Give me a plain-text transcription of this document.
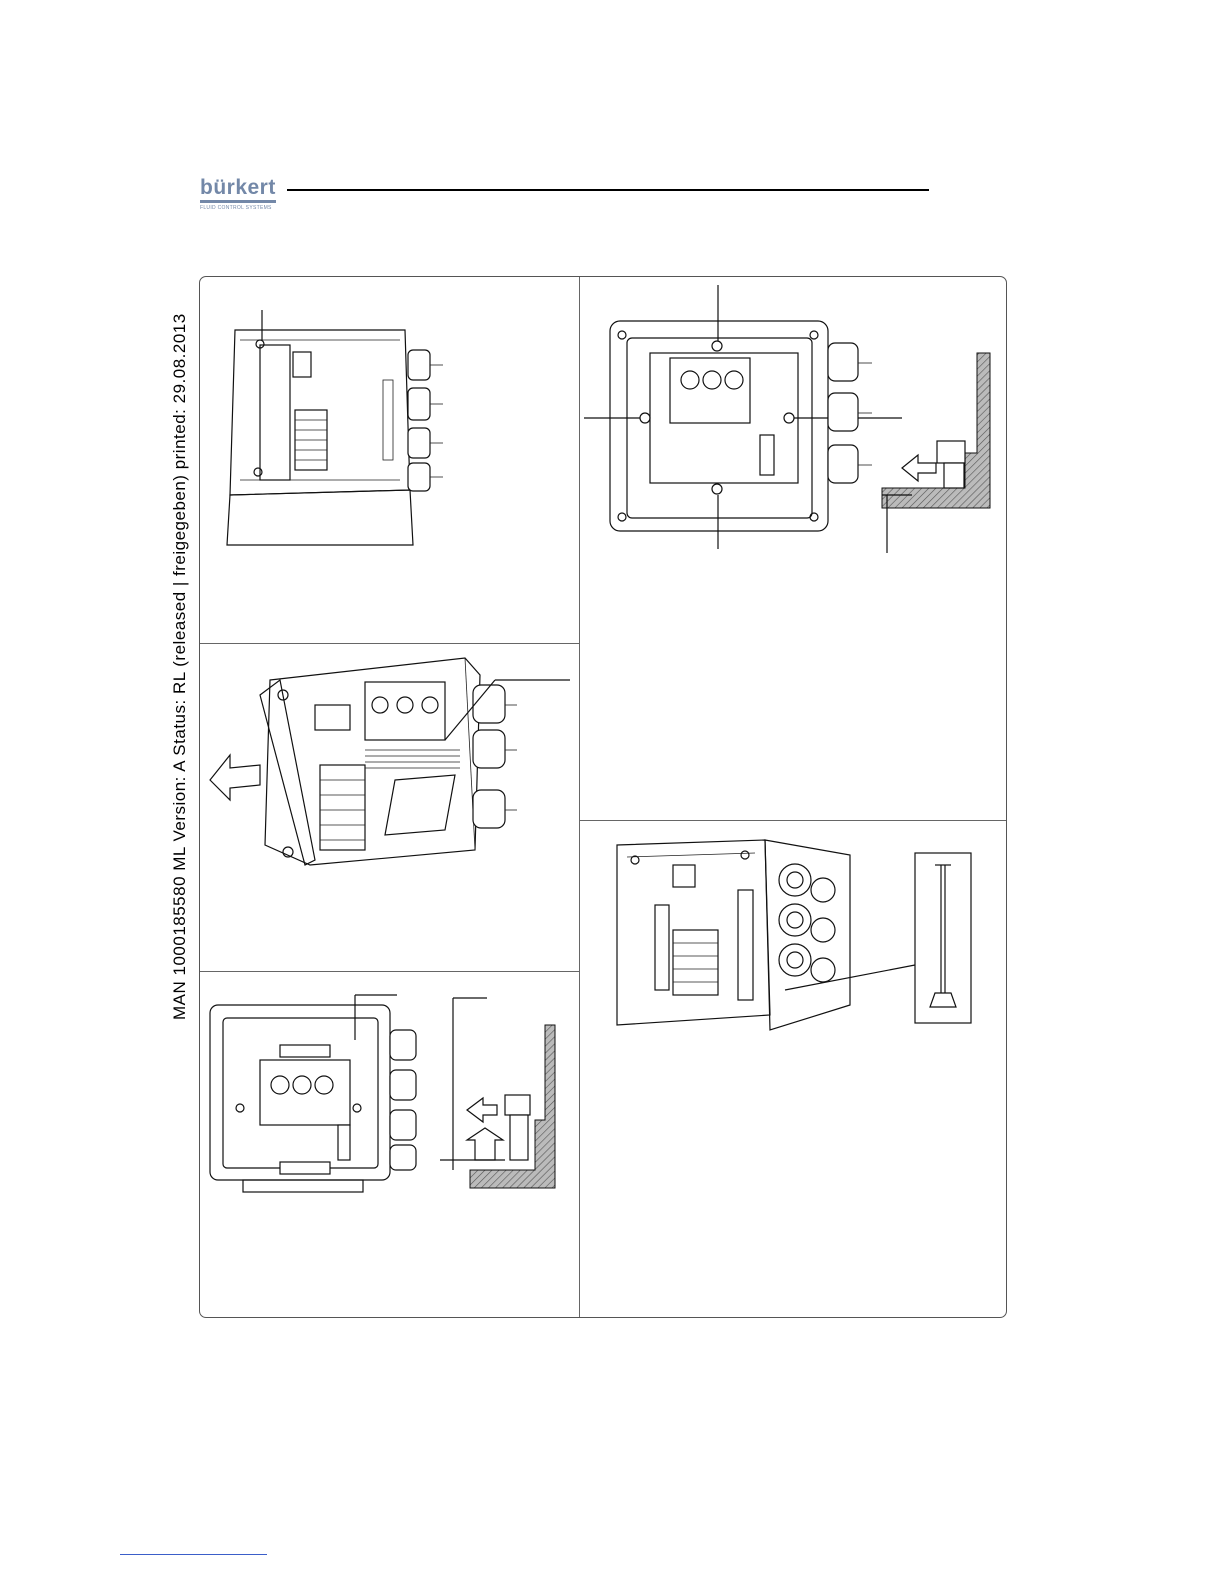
MAN 1000185580 ML Version: A Status: RL (released | freigegeben) printed: 29.08.2013
bürkert
FLUID CONTROL SYSTEMS
